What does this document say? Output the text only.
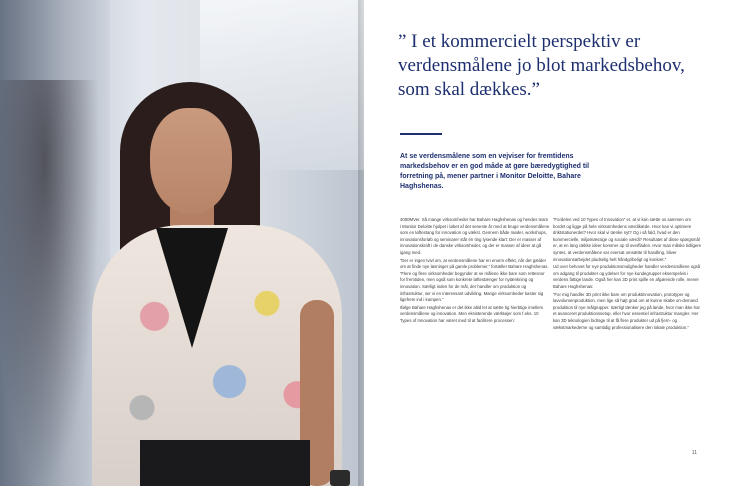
” I et kommercielt perspektiv er verdensmålene jo blot markedsbehov, som skal dækkes.”
At se verdensmålene som en vejviser for fremtidens markedsbehov er en god måde at gøre bæredygtighed til forretning på, mener partner i Monitor Deloitte, Bahare Haghshenas.

4000MVer. Så mange virksomheder har Bahare Haghshenas og hendes team i Monitor Deloitte hjulpet i løbet af det seneste år med at bruge verdensmålene som en løftestang for innovation og vækst. Gennem både møder, workshops, innovationsforløb og seminarer står én ting lysende klart: Der er masser af innovationskraft i de danske virksomheder, og der er masser af ideer at gå igang med.

“Der er ingen tvivl om, at verdensmålene har en enorm effekt, når det gælder om at finde nye løsninger på gamle problemer,” fortæller Bahare Haghshenas. “Flere og flere virksomheder begynder at se målene ikke bare som rettesnor for fremtiden, men også som konkrete løftestænger for nytænkning og innovation. Særligt inden for de mål, der handler om produktion og infrastruktur, ser vi en interessant udvikling. Mange virksomheder kaster sig ligefrem ind i kampen.”

Ifølge Bahare Haghshenas er det ikke altid let at sætte tig hierbtige imellem verdensmålene og innovation. Men eksisterende værktøjer som f.eks. 10 Types of Innovation har været med til at facilitere processen:

“Fordelen ved 10 Types of Innovation” er, at vi kan sætte os sammen om bordet og ligge på hele virksomhedens værdikæde. Hvor kan vi optimere driktstationerdet? Hvor skal vi tænke nyt? Og i så fald, hvad er den kommercielle, miljømæssige og sociale værdi? Resultatet af disse spørgsmål er, at en lang række ideer kommer op til overfladen. Hvor man måske tidligere syntes, at verdensmålene var eversat omsætte til handling, bliver innovationsarbejdet pludselig helt håndgribeligt og konkret.”

Ud over behovet for nye produktionsmuligheder handler verdensmålene også om adgang til produkter og ydelser for nye kundegrupper eksempelvis i verdens fattige lande. Også her kan 3D print spille en afgørende rolle, mener Bahare Haghshenas:

“For mig handler 3D print ikke bare om produktinnovation, prototyper og lavvolumenproduktion, men lige så højt grad om at kunne skabe on-demand produktion til nye målgrupper. Særligt tænker jeg på lande, hvor man ikke har et avanceret produktionssetup, eller hvor essentiel infrastruktur mangler. Her kan 3D teknologien bidrage til at få flere produkter ud på fjern- og vækstmarkederne og samtidig professionalisere den lokale produktion.”

11
